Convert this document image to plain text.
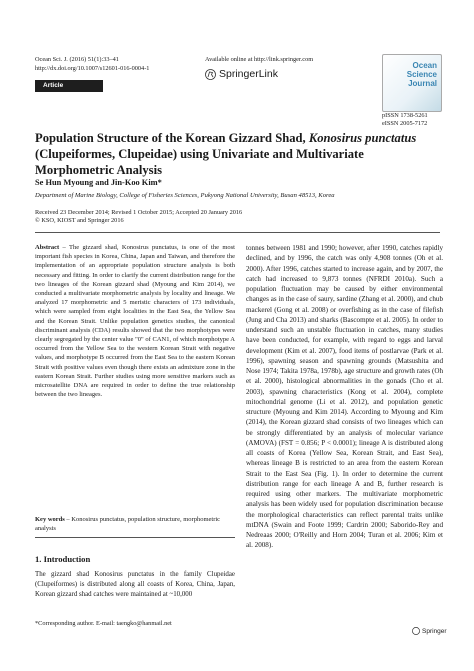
Ocean Sci. J. (2016) 51(1):33–41
http://dx.doi.org/10.1007/s12601-016-0004-1
Article
Available online at http://link.springer.com
SpringerLink
Ocean
Science
Journal
pISSN 1738-5261
eISSN 2005-7172
Population Structure of the Korean Gizzard Shad, Konosirus punctatus
(Clupeiformes, Clupeidae) using Univariate and Multivariate Morphometric Analysis
Se Hun Myoung and Jin-Koo Kim*
Department of Marine Biology, College of Fisheries Sciences, Pukyong National University, Busan 48513, Korea
Received 23 December 2014; Revised 1 October 2015; Accepted 20 January 2016
© KSO, KIOST and Springer 2016
Abstract – The gizzard shad, Konosirus punctatus, is one of the most important fish species in Korea, China, Japan and Taiwan, and therefore the implementation of an appropriate population structure analysis is both necessary and fitting. In order to clarify the current distribution range for the two lineages of the Korean gizzard shad (Myoung and Kim 2014), we conducted a multivariate morphometric analysis by locality and lineage. We analyzed 17 morphometric and 5 meristic characters of 173 individuals, which were sampled from eight localities in the East Sea, the Yellow Sea and the Korean Strait. Unlike population genetics studies, the canonical discriminant analysis (CDA) results showed that the two morphotypes were clearly segregated by the center value "0" of CAN1, of which morphotype A occurred from the Yellow Sea to the western Korean Strait with negative values, and morphotype B occurred from the East Sea to the eastern Korean Strait with positive values even though there exists an admixture zone in the eastern Korean Strait. Further studies using more sensitive markers such as microsatellite DNA are required in order to define the true relationship between the two lineages.
Key words – Konosirus punctatus, population structure, morphometric analysis
1. Introduction
The gizzard shad Konosirus punctatus in the family Clupeidae (Clupeiformes) is distributed along all coasts of Korea, China, Japan,
Korean gizzard shad catches were maintained at ~10,000
*Corresponding author. E-mail: taengko@hanmail.net
tonnes between 1981 and 1990; however, after 1990, catches rapidly declined, and by 1996, the catch was only 4,908 tonnes (Oh et al. 2000). After 1996, catches started to increase again, and by 2007, the catch had increased to 9,873 tonnes (NFRDI 2010a). Such a population fluctuation may be caused by either environmental changes as in the case of saury, sardine (Zhang et al. 2000), and chub mackerel (Gong et al. 2008) or overfishing as in the case of filefish (Jung and Cha 2013) and sharks (Bascompte et al. 2005). In order to understand such an unstable fluctuation in catches, many studies have been conducted, for example, with regard to eggs and larval development (Kim et al. 2007), food items of postlarvae (Park et al. 1996), spawning season and spawning grounds (Matsushita and Nose 1974; Takita 1978a, 1978b), age structure and growth rates (Oh et al. 2000), histological abnormalities in the gonads (Cho et al. 2003), spawning characteristics (Kong et al. 2004), complete mitochondrial genome (Li et al. 2012), and population genetic structure (Myoung and Kim 2014). According to Myoung and Kim (2014), the Korean gizzard shad consists of two lineages which can be strongly differentiated by an analysis of molecular variance (AMOVA) (FST = 0.856; P < 0.0001); lineage A is distributed along all coasts of Korea (Yellow Sea, Korean Strait, and East Sea), whereas lineage B is restricted to an area from the eastern Korean Strait to the East Sea (Fig. 1). In order to determine the current distribution range for each lineage A and B, further research is required using other markers. The multivariate morphometric analysis has been widely used for population discrimination because the morphological characteristics can reflect parental traits unlike mtDNA (Swain and Foote 1999; Cardrin 2000; Saborido-Rey and Nedreaas 2000; O'Reilly and Horn 2004; Turan et al. 2006; Kim et al. 2008).
Springer
